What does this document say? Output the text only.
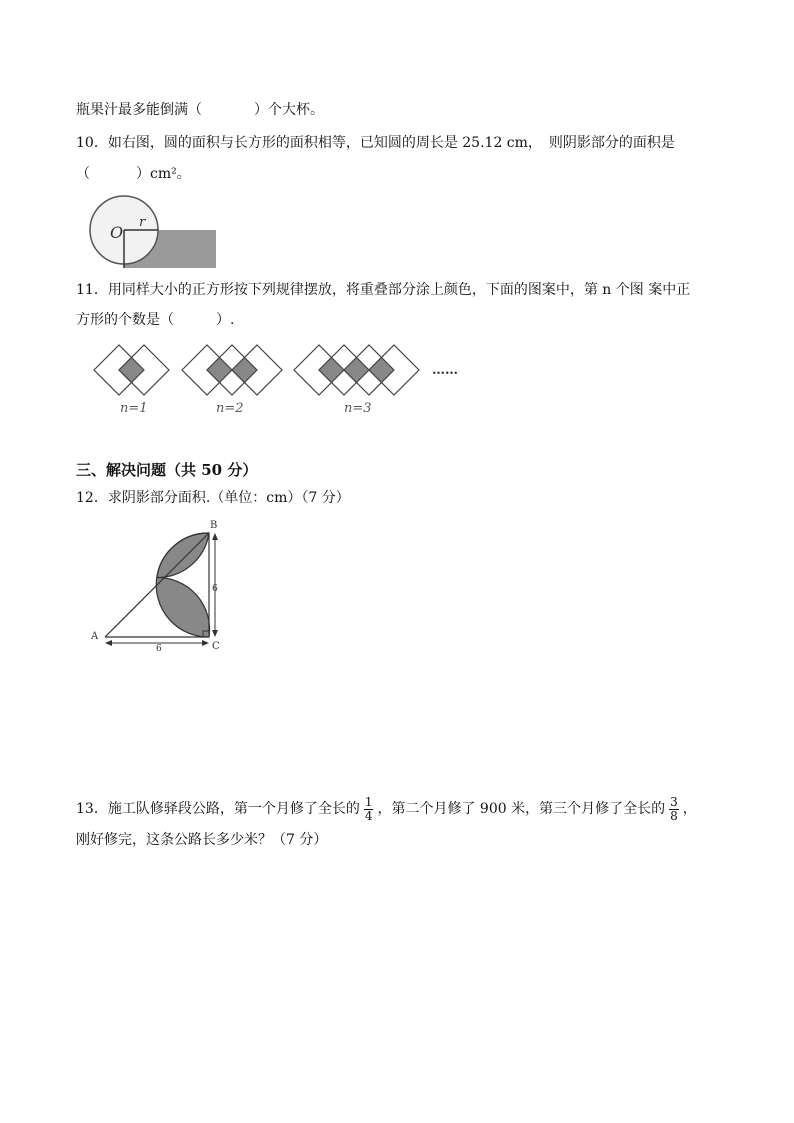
瓶果汁最多能倒满（	）个大杯。
10．如右图，圆的面积与长方形的面积相等，已知圆的周长是 25.12 cm，　则阴影部分的面积是
（	）cm²。
O
r
11．用同样大小的正方形按下列规律摆放，将重叠部分涂上颜色，下面的图案中，第 n 个图 案中正
方形的个数是（　　　）.
……
n=1	n=2	n=3
三、解决问题（共 50 分）
12．求阴影部分面积.（单位：cm）（7 分）
6
6
A
B
C
13．施工队修驿段公路，第一个月修了全长的 $\frac{1}{4}$ ，第二个月修了 900 米，第三个月修了全长的 $\frac{3}{8}$ ，
刚好修完，这条公路长多少米？（7 分）
